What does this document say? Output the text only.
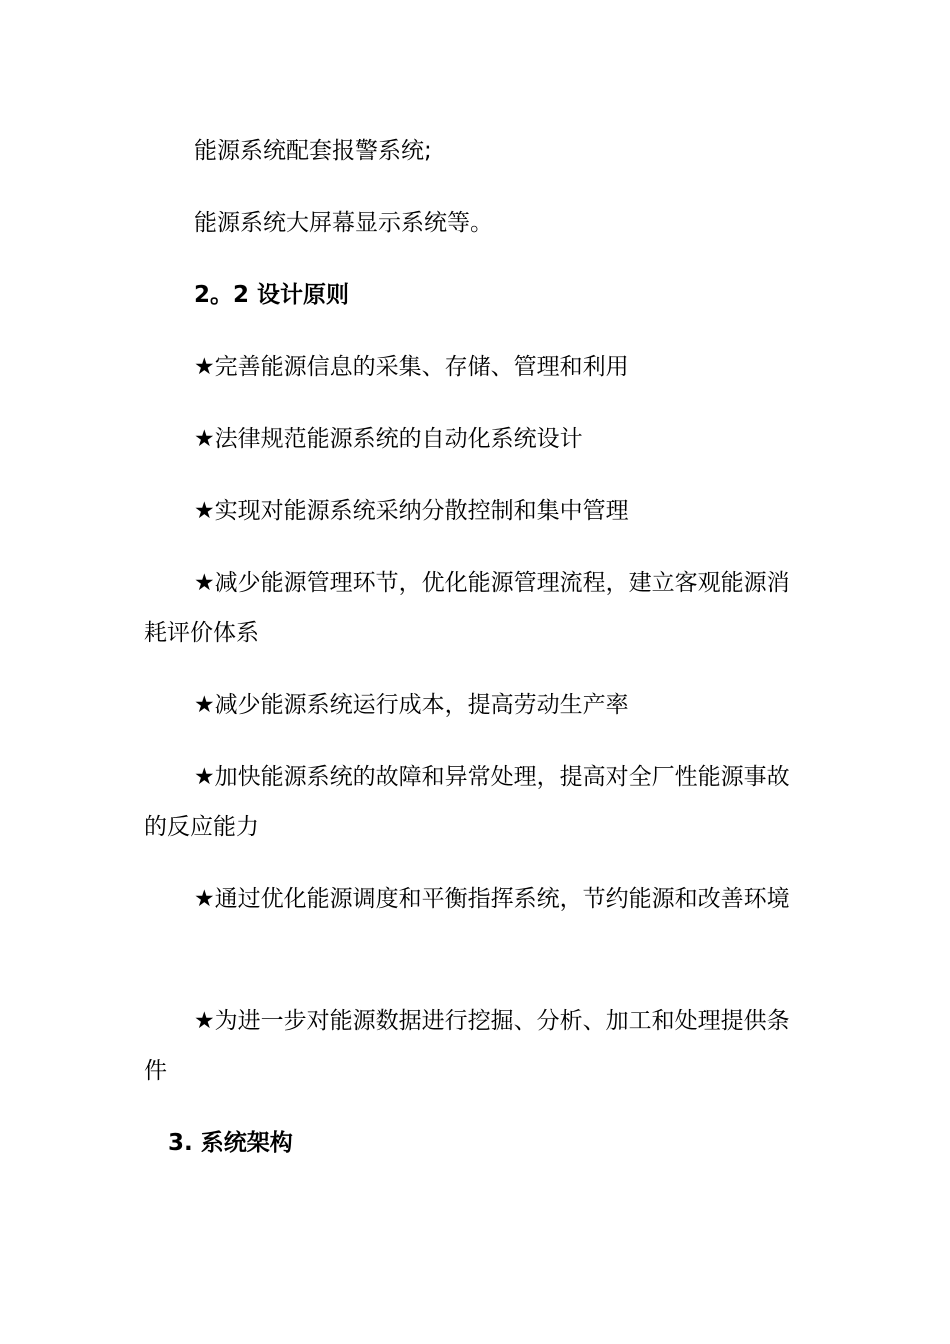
能源系统配套报警系统;

能源系统大屏幕显示系统等。

2。2 设计原则

★完善能源信息的采集、存储、管理和利用

★法律规范能源系统的自动化系统设计

★实现对能源系统采纳分散控制和集中管理

★减少能源管理环节，优化能源管理流程，建立客观能源消耗评价体系

★减少能源系统运行成本，提高劳动生产率

★加快能源系统的故障和异常处理，提高对全厂性能源事故的反应能力

★通过优化能源调度和平衡指挥系统，节约能源和改善环境

★为进一步对能源数据进行挖掘、分析、加工和处理提供条件

3. 系统架构
